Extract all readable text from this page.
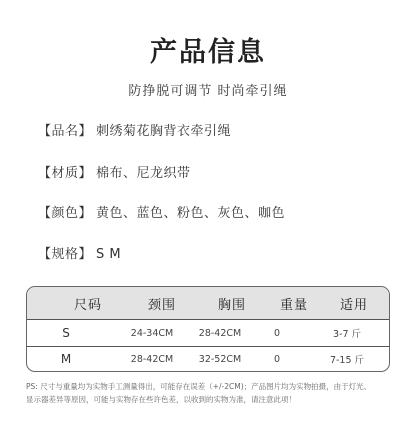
产品信息
防挣脱可调节 时尚牵引绳
【品名】 刺绣菊花胸背衣牵引绳
【材质】 棉布、尼龙织带
【颜色】 黄色、蓝色、粉色、灰色、咖色
【规格】 S M
尺码	颈围	胸围	重量	适用
S	24-34CM	28-42CM	0	3-7 斤
M	28-42CM	32-52CM	0	7-15 斤
PS: 尺寸与重量均为实物手工测量得出，可能存在误差（+/-2CM)；产品图片均为实物拍摄，由于灯光、
显示器差异等原因，可能与实物存在些许色差，以收到的实物为准，请注意此项！
